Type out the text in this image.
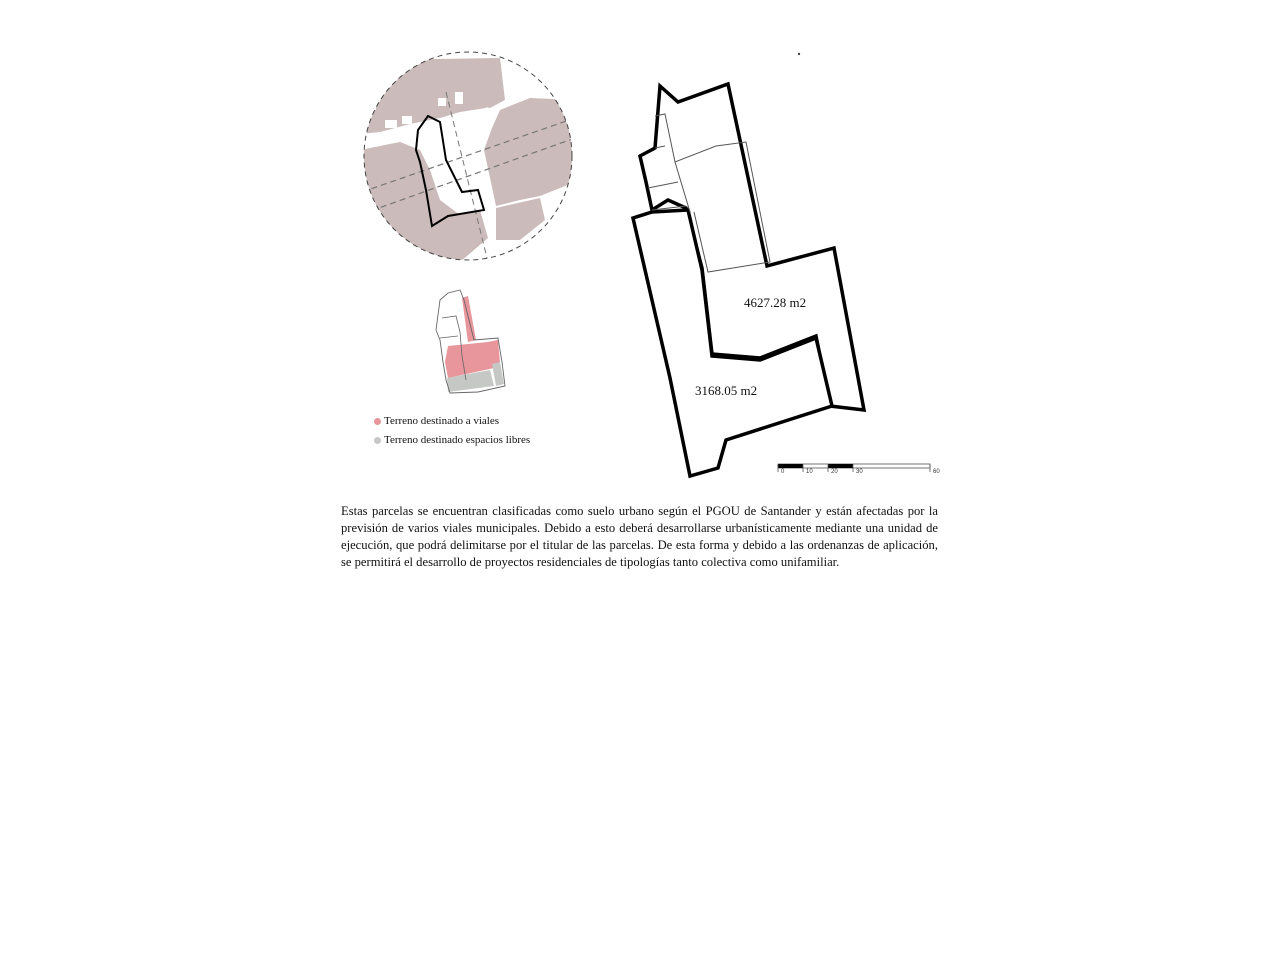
Terreno destinado a viales
Terreno destinado espacios libres
4627.28 m2
3168.05 m2
0	10	20	30	60

Estas parcelas se encuentran clasificadas como suelo urbano según el PGOU de Santander y están afectadas por la previsión de varios viales municipales. Debido a esto deberá desarrollarse urbanísticamente mediante una unidad de ejecución, que podrá delimitarse por el titular de las parcelas. De esta forma y debido a las ordenanzas de aplicación, se permitirá el desarrollo de proyectos residenciales de tipologías tanto colectiva como unifamiliar.
